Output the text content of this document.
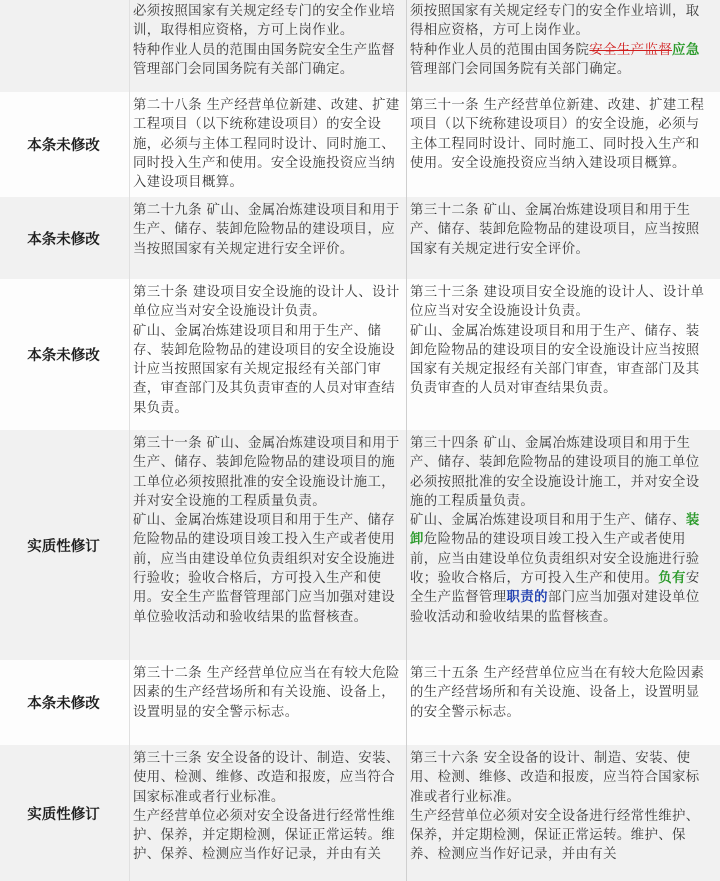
必须按照国家有关规定经专门的安全作业培训，取得相应资格，方可上岗作业。
特种作业人员的范围由国务院安全生产监督管理部门会同国务院有关部门确定。
须按照国家有关规定经专门的安全作业培训，取得相应资格，方可上岗作业。
特种作业人员的范围由国务院安全生产监督应急管理部门会同国务院有关部门确定。
本条未修改
第二十八条 生产经营单位新建、改建、扩建工程项目（以下统称建设项目）的安全设施，必须与主体工程同时设计、同时施工、同时投入生产和使用。安全设施投资应当纳入建设项目概算。
第三十一条 生产经营单位新建、改建、扩建工程项目（以下统称建设项目）的安全设施，必须与主体工程同时设计、同时施工、同时投入生产和使用。安全设施投资应当纳入建设项目概算。
本条未修改
第二十九条 矿山、金属冶炼建设项目和用于生产、储存、装卸危险物品的建设项目，应当按照国家有关规定进行安全评价。
第三十二条 矿山、金属冶炼建设项目和用于生产、储存、装卸危险物品的建设项目，应当按照国家有关规定进行安全评价。
本条未修改
第三十条 建设项目安全设施的设计人、设计单位应当对安全设施设计负责。
矿山、金属冶炼建设项目和用于生产、储存、装卸危险物品的建设项目的安全设施设计应当按照国家有关规定报经有关部门审查，审查部门及其负责审查的人员对审查结果负责。
第三十三条 建设项目安全设施的设计人、设计单位应当对安全设施设计负责。
矿山、金属冶炼建设项目和用于生产、储存、装卸危险物品的建设项目的安全设施设计应当按照国家有关规定报经有关部门审查，审查部门及其负责审查的人员对审查结果负责。
实质性修订
第三十一条 矿山、金属冶炼建设项目和用于生产、储存、装卸危险物品的建设项目的施工单位必须按照批准的安全设施设计施工，并对安全设施的工程质量负责。
矿山、金属冶炼建设项目和用于生产、储存危险物品的建设项目竣工投入生产或者使用前，应当由建设单位负责组织对安全设施进行验收；验收合格后，方可投入生产和使用。安全生产监督管理部门应当加强对建设单位验收活动和验收结果的监督核查。
第三十四条 矿山、金属冶炼建设项目和用于生产、储存、装卸危险物品的建设项目的施工单位必须按照批准的安全设施设计施工，并对安全设施的工程质量负责。
矿山、金属冶炼建设项目和用于生产、储存、装卸危险物品的建设项目竣工投入生产或者使用前，应当由建设单位负责组织对安全设施进行验收；验收合格后，方可投入生产和使用。负有安全生产监督管理职责的部门应当加强对建设单位验收活动和验收结果的监督核查。
本条未修改
第三十二条 生产经营单位应当在有较大危险因素的生产经营场所和有关设施、设备上，设置明显的安全警示标志。
第三十五条 生产经营单位应当在有较大危险因素的生产经营场所和有关设施、设备上，设置明显的安全警示标志。
实质性修订
第三十三条 安全设备的设计、制造、安装、使用、检测、维修、改造和报废，应当符合国家标准或者行业标准。
生产经营单位必须对安全设备进行经常性维护、保养，并定期检测，保证正常运转。维护、保养、检测应当作好记录，并由有关
第三十六条 安全设备的设计、制造、安装、使用、检测、维修、改造和报废，应当符合国家标准或者行业标准。
生产经营单位必须对安全设备进行经常性维护、保养，并定期检测，保证正常运转。维护、保养、检测应当作好记录，并由有关
